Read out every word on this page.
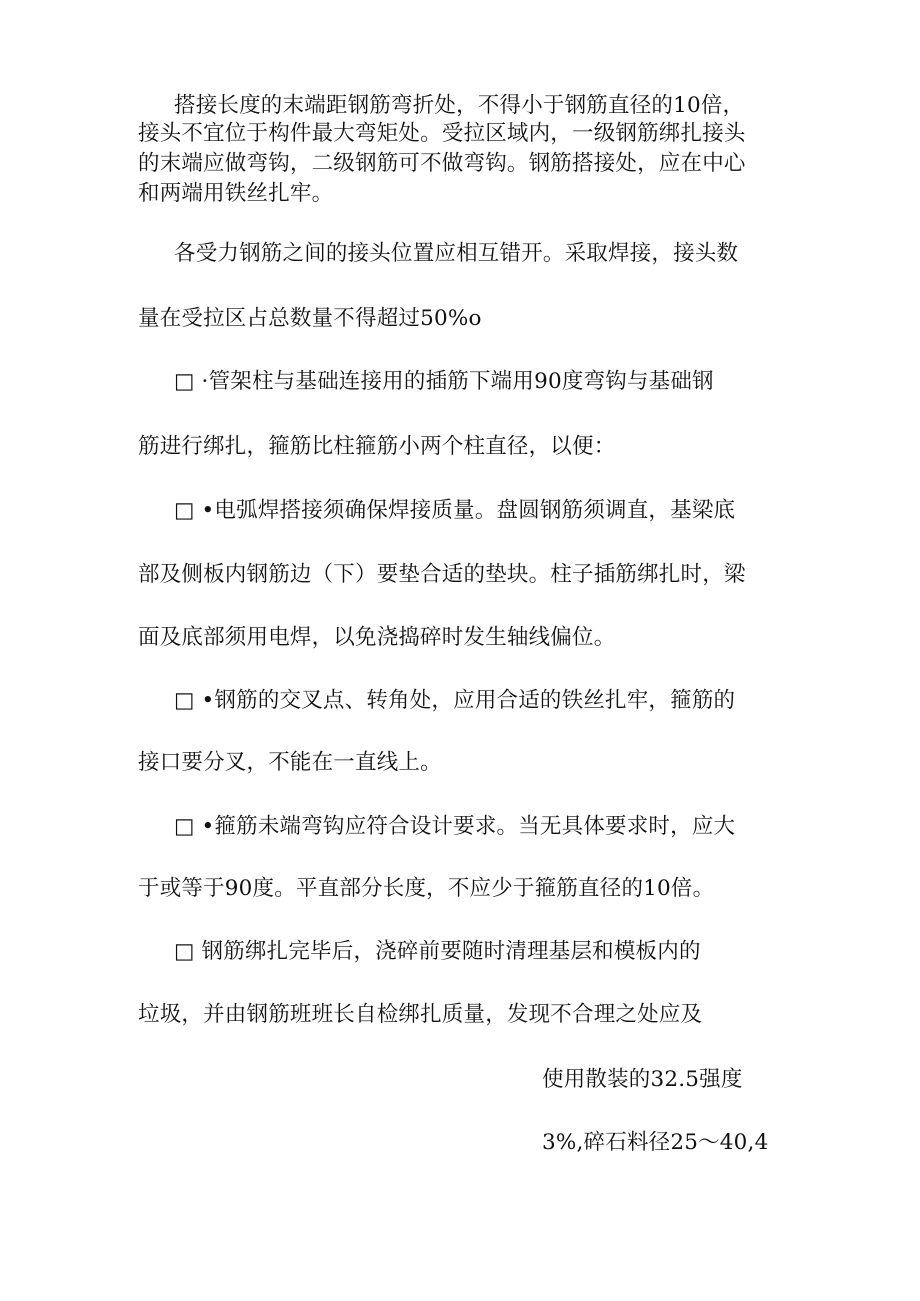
搭接长度的末端距钢筋弯折处，不得小于钢筋直径的10倍，
接头不宜位于构件最大弯矩处。受拉区域内，一级钢筋绑扎接头
的末端应做弯钩，二级钢筋可不做弯钩。钢筋搭接处，应在中心
和两端用铁丝扎牢。
各受力钢筋之间的接头位置应相互错开。采取焊接，接头数
量在受拉区占总数量不得超过50%o
□ ·管架柱与基础连接用的插筋下端用90度弯钩与基础钢
筋进行绑扎，箍筋比柱箍筋小两个柱直径，以便：
□ •电弧焊搭接须确保焊接质量。盘圆钢筋须调直，基梁底
部及侧板内钢筋边（下）要垫合适的垫块。柱子插筋绑扎时，梁
面及底部须用电焊，以免浇捣碎时发生轴线偏位。
□ •钢筋的交叉点、转角处，应用合适的铁丝扎牢，箍筋的
接口要分叉，不能在一直线上。
□ •箍筋未端弯钩应符合设计要求。当无具体要求时，应大
于或等于90度。平直部分长度，不应少于箍筋直径的10倍。
□ 钢筋绑扎完毕后，浇碎前要随时清理基层和模板内的
垃圾，并由钢筋班班长自检绑扎质量，发现不合理之处应及
使用散装的32.5强度
3%,碎石料径25～40,4
